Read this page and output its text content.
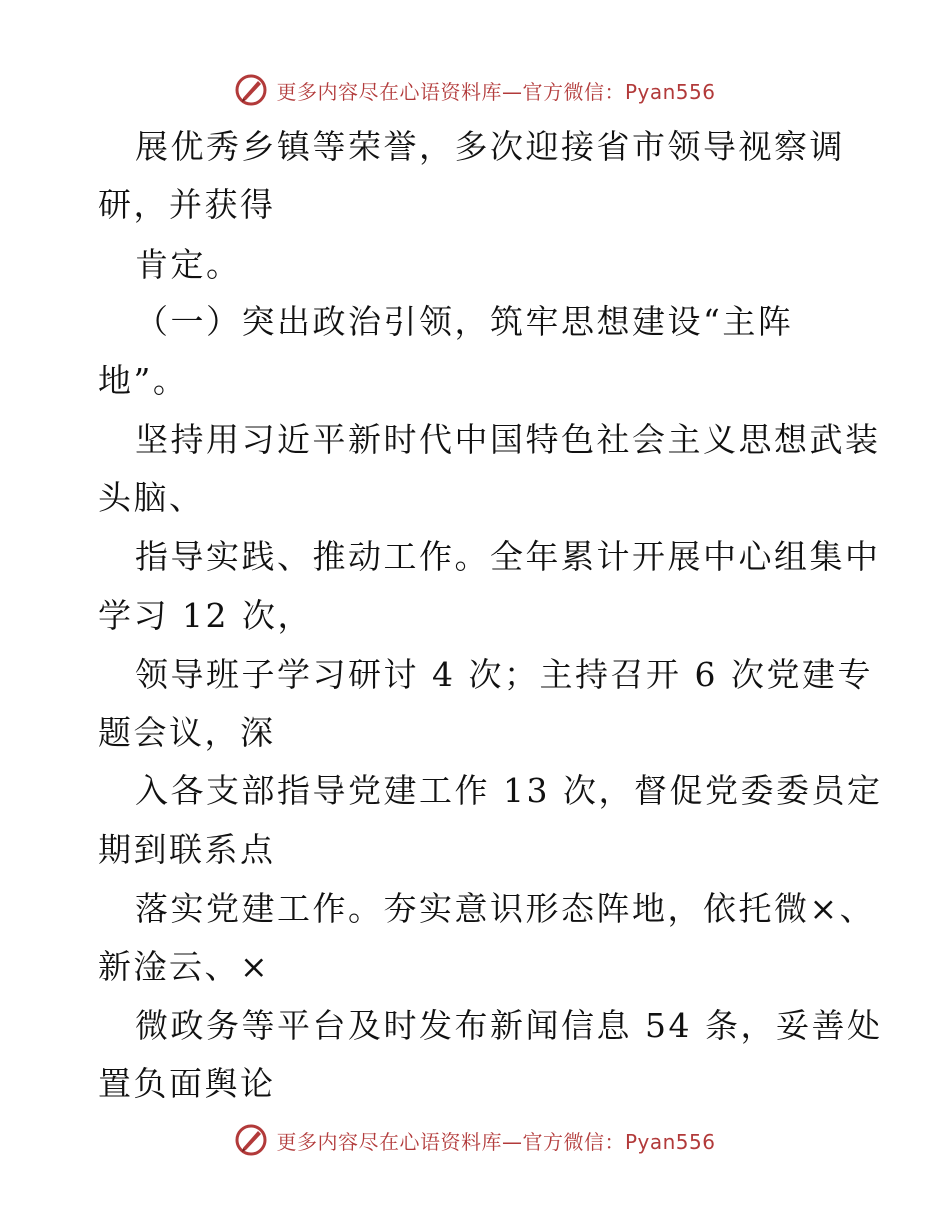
更多内容尽在心语资料库—官方微信：Pyan556
展优秀乡镇等荣誉，多次迎接省市领导视察调
研，并获得
肯定。
（一）突出政治引领，筑牢思想建设“主阵
地”。
坚持用习近平新时代中国特色社会主义思想武装
头脑、
指导实践、推动工作。全年累计开展中心组集中
学习 12 次，
领导班子学习研讨 4 次；主持召开 6 次党建专
题会议，深
入各支部指导党建工作 13 次，督促党委委员定
期到联系点
落实党建工作。夯实意识形态阵地，依托微×、
新淦云、×
微政务等平台及时发布新闻信息 54 条，妥善处
置负面舆论
更多内容尽在心语资料库—官方微信：Pyan556
